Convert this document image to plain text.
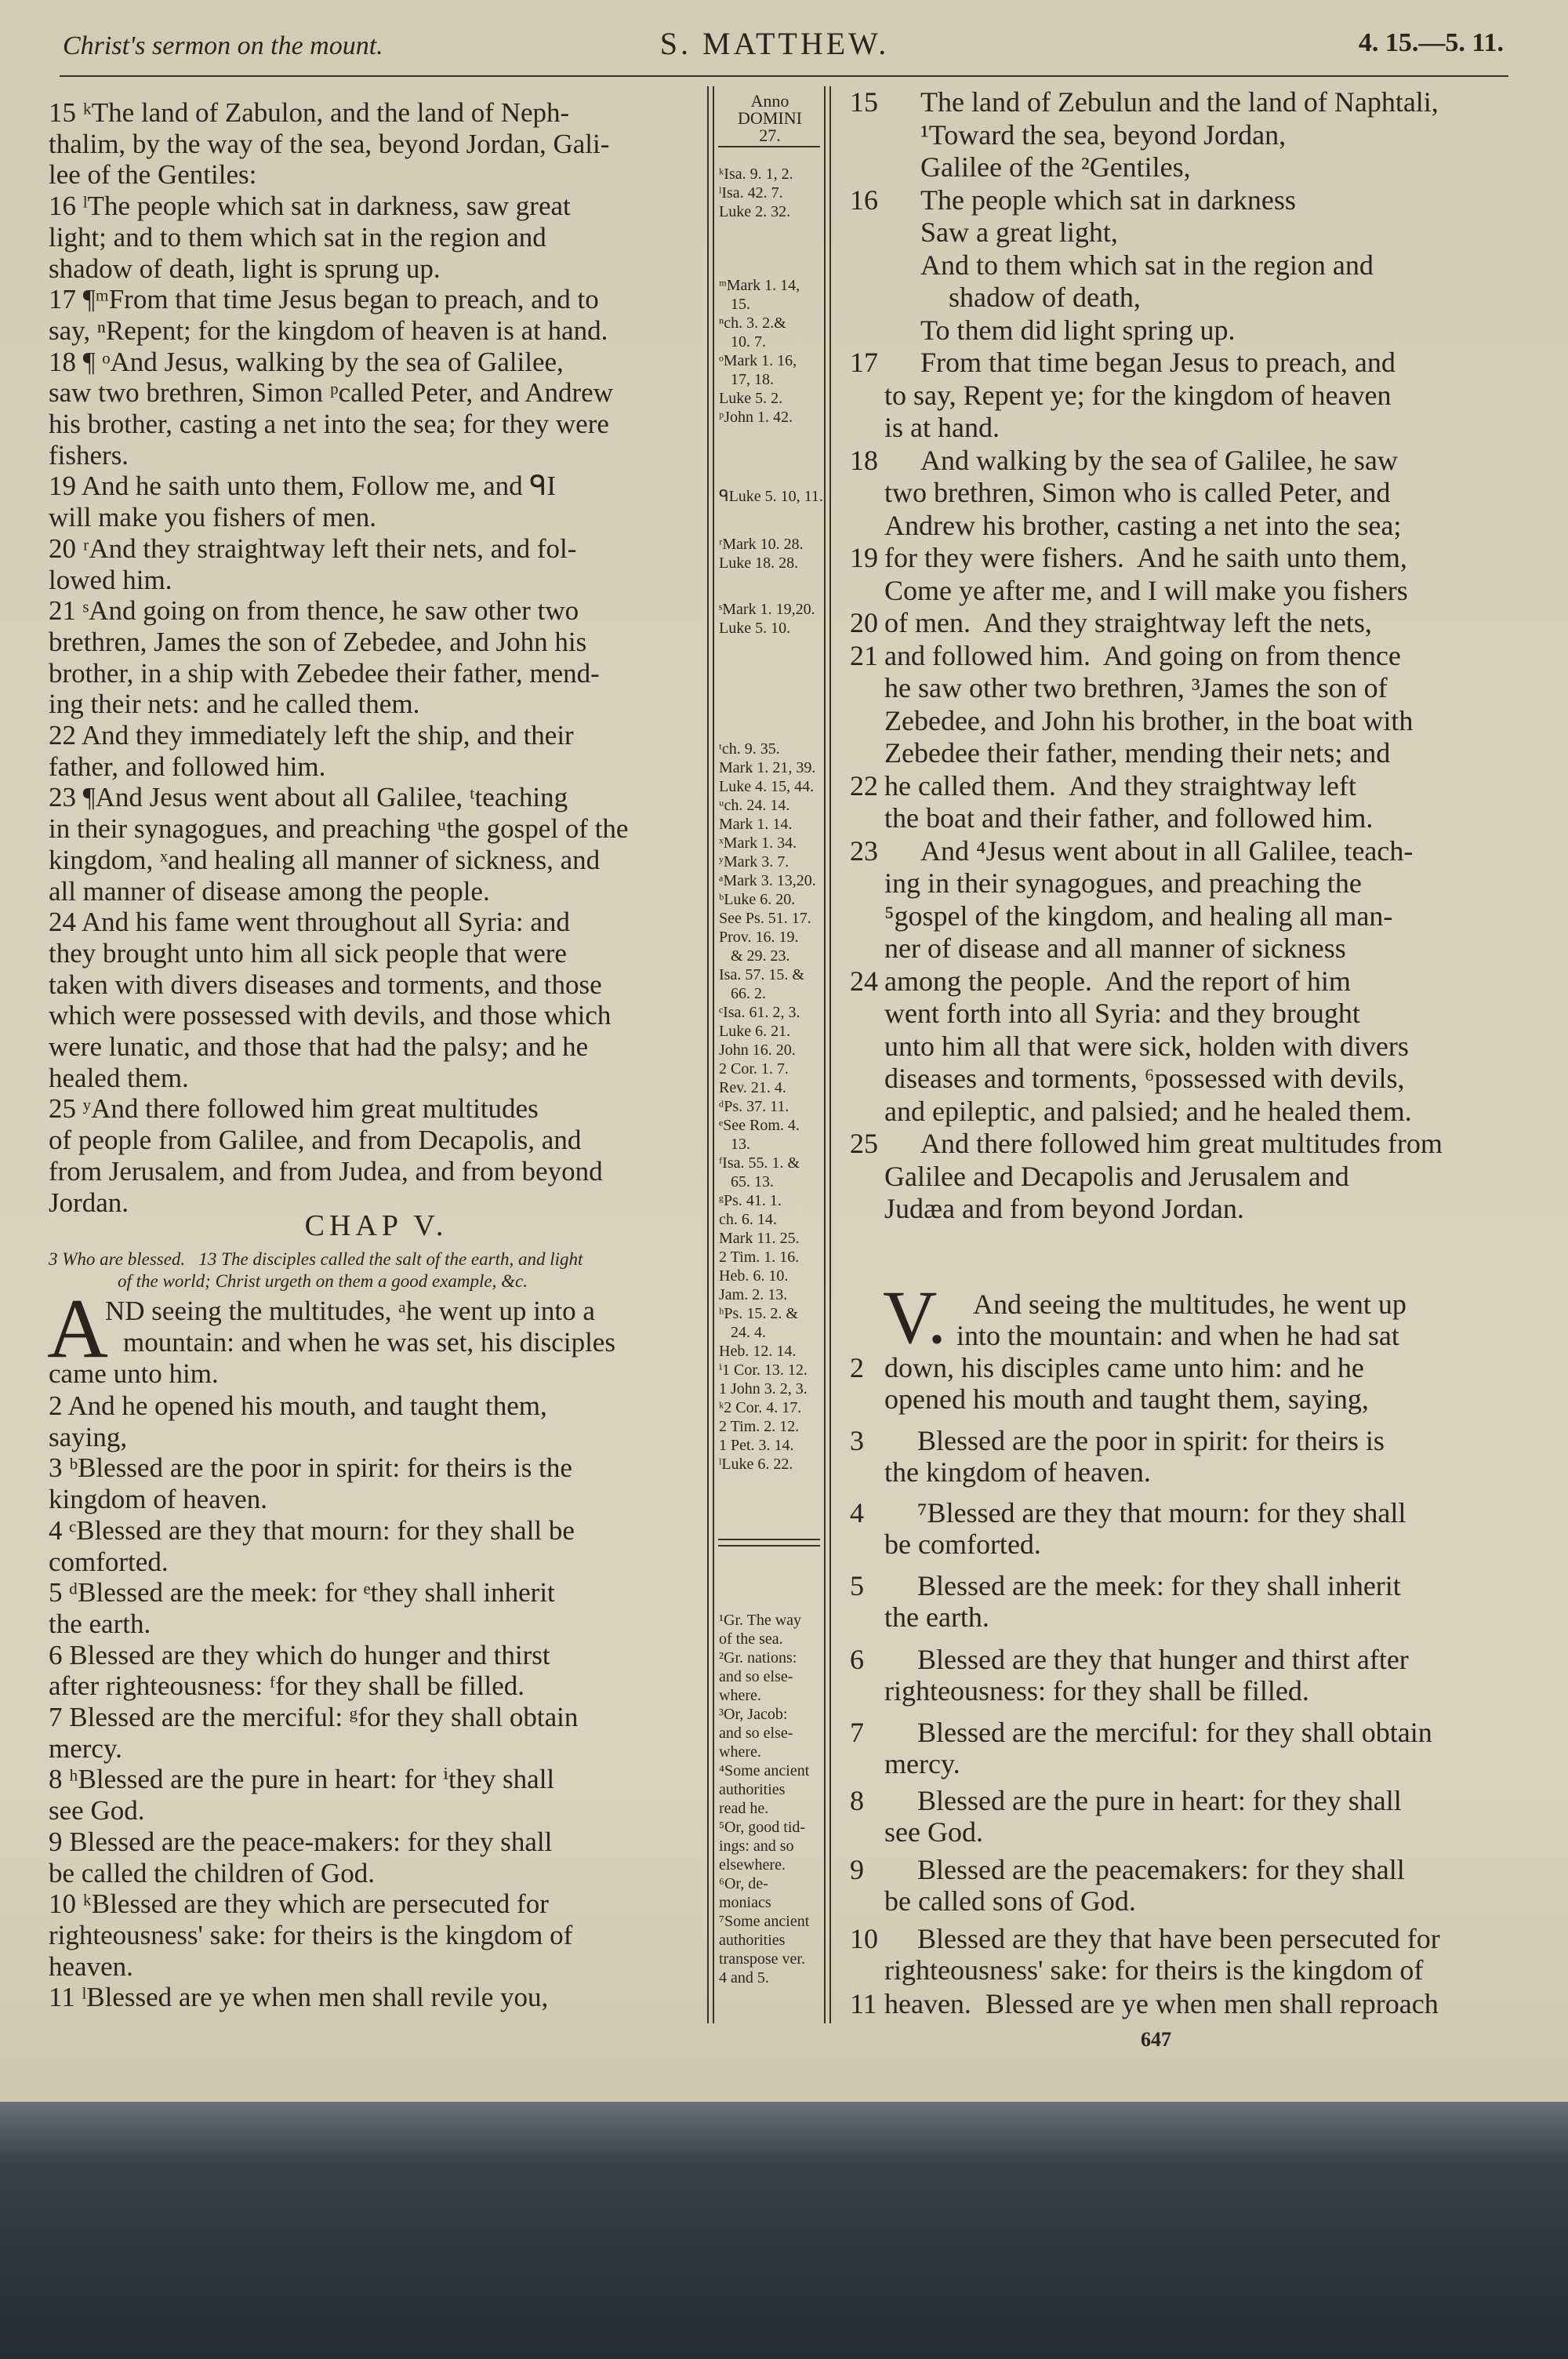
Christ's sermon on the mount.	S. MATTHEW.	4. 15.—5. 11.
CHAP V.
A
15 ᵏThe land of Zabulon, and the land of Neph-
thalim, by the way of the sea, beyond Jordan, Gali-
lee of the Gentiles:
16 ˡThe people which sat in darkness, saw great
light; and to them which sat in the region and
shadow of death, light is sprung up.
17 ¶ᵐFrom that time Jesus began to preach, and to
say, ⁿRepent; for the kingdom of heaven is at hand.
18 ¶ ᵒAnd Jesus, walking by the sea of Galilee,
saw two brethren, Simon ᵖcalled Peter, and Andrew
his brother, casting a net into the sea; for they were
fishers.
19 And he saith unto them, Follow me, and ᑫI
will make you fishers of men.
20 ʳAnd they straightway left their nets, and fol-
lowed him.
21 ˢAnd going on from thence, he saw other two
brethren, James the son of Zebedee, and John his
brother, in a ship with Zebedee their father, mend-
ing their nets: and he called them.
22 And they immediately left the ship, and their
father, and followed him.
23 ¶And Jesus went about all Galilee, ᵗteaching
in their synagogues, and preaching ᵘthe gospel of the
kingdom, ˣand healing all manner of sickness, and
all manner of disease among the people.
24 And his fame went throughout all Syria: and
they brought unto him all sick people that were
taken with divers diseases and torments, and those
which were possessed with devils, and those which
were lunatic, and those that had the palsy; and he
healed them.
25 ʸAnd there followed him great multitudes
of people from Galilee, and from Decapolis, and
from Jerusalem, and from Judea, and from beyond
Jordan.
3 Who are blessed.   13 The disciples called the salt of the earth, and light
of the world; Christ urgeth on them a good example, &c.
ND seeing the multitudes, ᵃhe went up into a
mountain: and when he was set, his disciples
came unto him.
2 And he opened his mouth, and taught them,
saying,
3 ᵇBlessed are the poor in spirit: for theirs is the
kingdom of heaven.
4 ᶜBlessed are they that mourn: for they shall be
comforted.
5 ᵈBlessed are the meek: for ᵉthey shall inherit
the earth.
6 Blessed are they which do hunger and thirst
after righteousness: ᶠfor they shall be filled.
7 Blessed are the merciful: ᵍfor they shall obtain
mercy.
8 ʰBlessed are the pure in heart: for ⁱthey shall
see God.
9 Blessed are the peace-makers: for they shall
be called the children of God.
10 ᵏBlessed are they which are persecuted for
righteousness' sake: for theirs is the kingdom of
heaven.
11 ˡBlessed are ye when men shall revile you,
Anno
DOMINI
27.
ᵏIsa. 9. 1, 2.
ˡIsa. 42. 7.
Luke 2. 32.
ᵐMark 1. 14,
15.
ⁿch. 3. 2.&
10. 7.
ᵒMark 1. 16,
17, 18.
Luke 5. 2.
ᵖJohn 1. 42.
ᑫLuke 5. 10, 11.
ʳMark 10. 28.
Luke 18. 28.
ˢMark 1. 19,20.
Luke 5. 10.
ᵗch. 9. 35.
Mark 1. 21, 39.
Luke 4. 15, 44.
ᵘch. 24. 14.
Mark 1. 14.
ˣMark 1. 34.
ʸMark 3. 7.
ᵃMark 3. 13,20.
ᵇLuke 6. 20.
See Ps. 51. 17.
Prov. 16. 19.
& 29. 23.
Isa. 57. 15. &
66. 2.
ᶜIsa. 61. 2, 3.
Luke 6. 21.
John 16. 20.
2 Cor. 1. 7.
Rev. 21. 4.
ᵈPs. 37. 11.
ᵉSee Rom. 4.
13.
ᶠIsa. 55. 1. &
65. 13.
ᵍPs. 41. 1.
ch. 6. 14.
Mark 11. 25.
2 Tim. 1. 16.
Heb. 6. 10.
Jam. 2. 13.
ʰPs. 15. 2. &
24. 4.
Heb. 12. 14.
ⁱ1 Cor. 13. 12.
1 John 3. 2, 3.
ᵏ2 Cor. 4. 17.
2 Tim. 2. 12.
1 Pet. 3. 14.
ˡLuke 6. 22.
¹Gr. The way
of the sea.
²Gr. nations:
and so else-
where.
³Or, Jacob:
and so else-
where.
⁴Some ancient
authorities
read he.
⁵Or, good tid-
ings: and so
elsewhere.
⁶Or, de-
moniacs
⁷Some ancient
authorities
transpose ver.
4 and 5.
V.
15 The land of Zebulun and the land of Naphtali,
¹Toward the sea, beyond Jordan,
Galilee of the ²Gentiles,
16 The people which sat in darkness
Saw a great light,
And to them which sat in the region and
shadow of death,
To them did light spring up.
17 From that time began Jesus to preach, and
to say, Repent ye; for the kingdom of heaven
is at hand.
18 And walking by the sea of Galilee, he saw
two brethren, Simon who is called Peter, and
Andrew his brother, casting a net into the sea;
19 for they were fishers.  And he saith unto them,
Come ye after me, and I will make you fishers
20 of men.  And they straightway left the nets,
21 and followed him.  And going on from thence
he saw other two brethren, ³James the son of
Zebedee, and John his brother, in the boat with
Zebedee their father, mending their nets; and
22 he called them.  And they straightway left
the boat and their father, and followed him.
23 And ⁴Jesus went about in all Galilee, teach-
ing in their synagogues, and preaching the
⁵gospel of the kingdom, and healing all man-
ner of disease and all manner of sickness
24 among the people.  And the report of him
went forth into all Syria: and they brought
unto him all that were sick, holden with divers
diseases and torments, ⁶possessed with devils,
and epileptic, and palsied; and he healed them.
25 And there followed him great multitudes from
Galilee and Decapolis and Jerusalem and
Judæa and from beyond Jordan.
And seeing the multitudes, he went up
into the mountain: and when he had sat
2 down, his disciples came unto him: and he
opened his mouth and taught them, saying,
3 Blessed are the poor in spirit: for theirs is
the kingdom of heaven.
4 ⁷Blessed are they that mourn: for they shall
be comforted.
5 Blessed are the meek: for they shall inherit
the earth.
6 Blessed are they that hunger and thirst after
righteousness: for they shall be filled.
7 Blessed are the merciful: for they shall obtain
mercy.
8 Blessed are the pure in heart: for they shall
see God.
9 Blessed are the peacemakers: for they shall
be called sons of God.
10 Blessed are they that have been persecuted for
righteousness' sake: for theirs is the kingdom of
11 heaven.  Blessed are ye when men shall reproach
647
